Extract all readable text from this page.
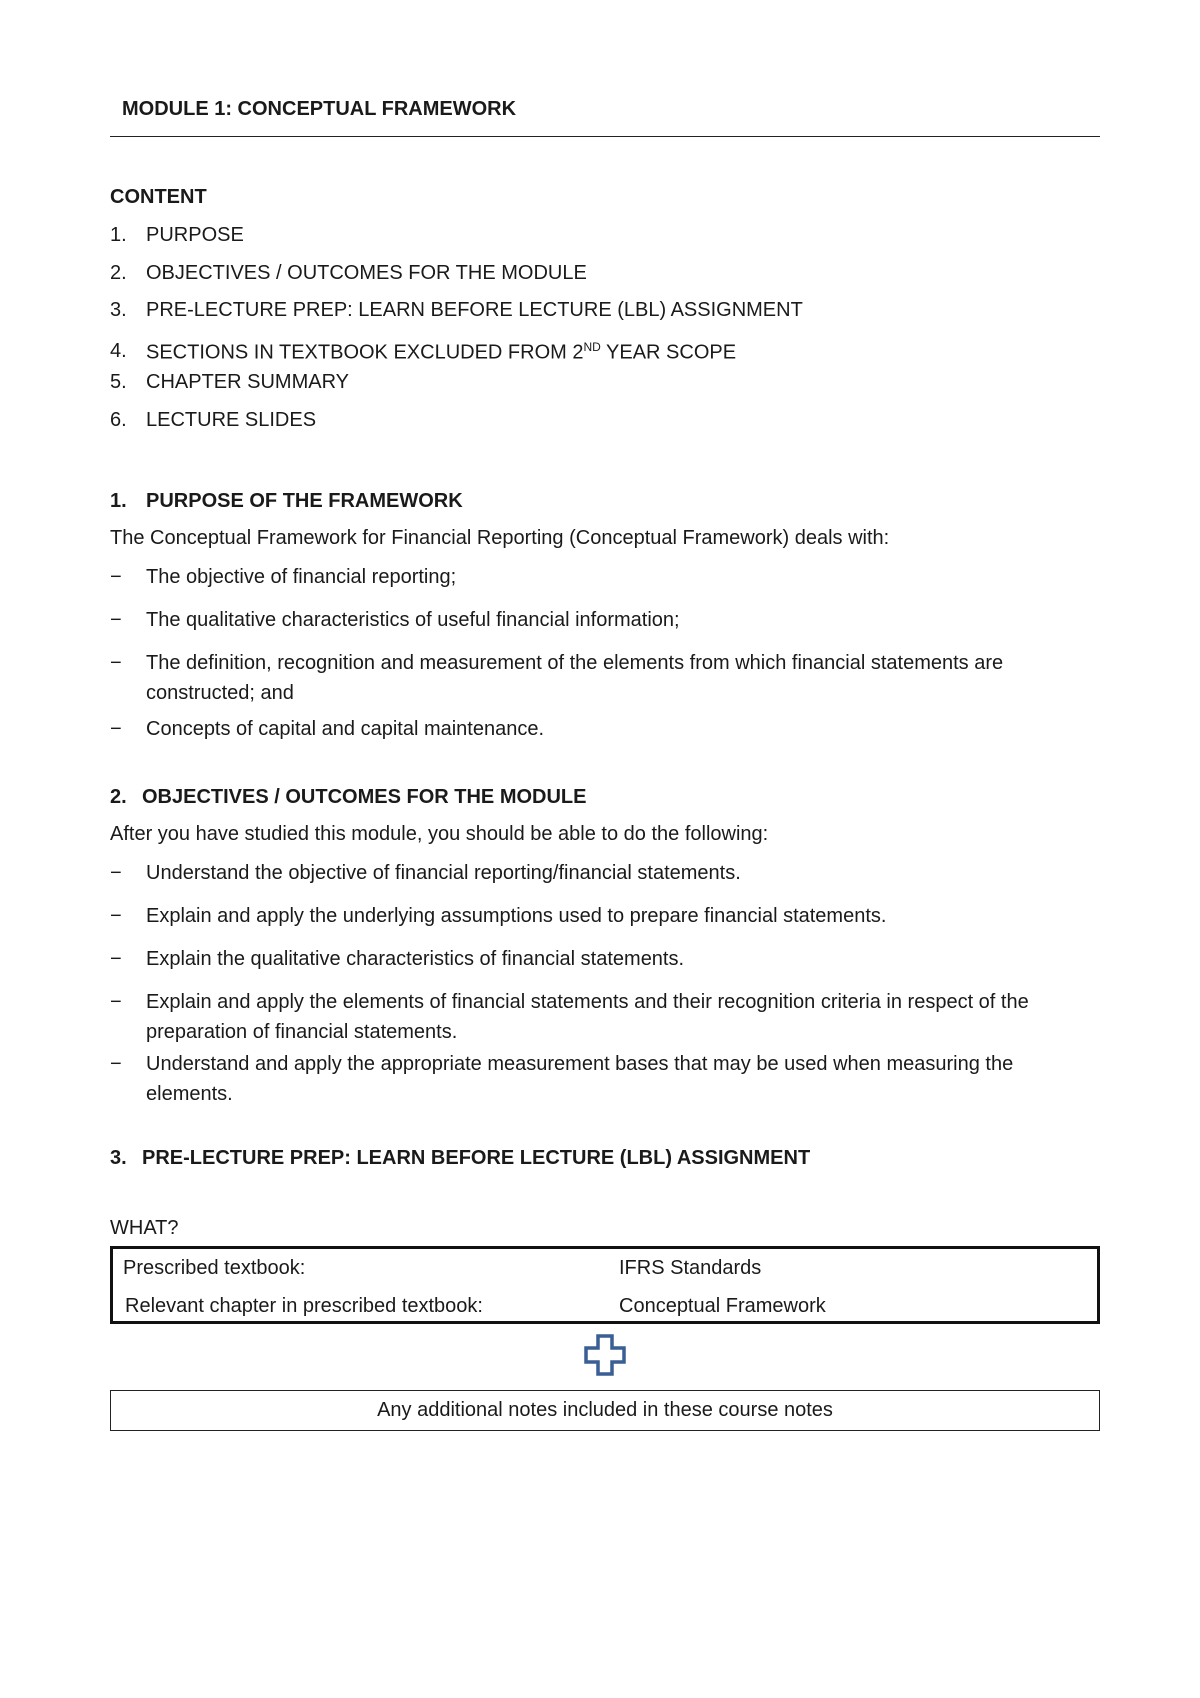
MODULE 1: CONCEPTUAL FRAMEWORK
CONTENT
1. PURPOSE
2. OBJECTIVES / OUTCOMES FOR THE MODULE
3. PRE-LECTURE PREP: LEARN BEFORE LECTURE (LBL) ASSIGNMENT
4. SECTIONS IN TEXTBOOK EXCLUDED FROM 2ND YEAR SCOPE
5. CHAPTER SUMMARY
6. LECTURE SLIDES
1. PURPOSE OF THE FRAMEWORK
The Conceptual Framework for Financial Reporting (Conceptual Framework) deals with:
− The objective of financial reporting;
− The qualitative characteristics of useful financial information;
− The definition, recognition and measurement of the elements from which financial statements are constructed; and
− Concepts of capital and capital maintenance.
2. OBJECTIVES / OUTCOMES FOR THE MODULE
After you have studied this module, you should be able to do the following:
− Understand the objective of financial reporting/financial statements.
− Explain and apply the underlying assumptions used to prepare financial statements.
− Explain the qualitative characteristics of financial statements.
− Explain and apply the elements of financial statements and their recognition criteria in respect of the preparation of financial statements.
− Understand and apply the appropriate measurement bases that may be used when measuring the elements.
3. PRE-LECTURE PREP: LEARN BEFORE LECTURE (LBL) ASSIGNMENT
WHAT?
Prescribed textbook:	IFRS Standards
Relevant chapter in prescribed textbook:	Conceptual Framework
Any additional notes included in these course notes
